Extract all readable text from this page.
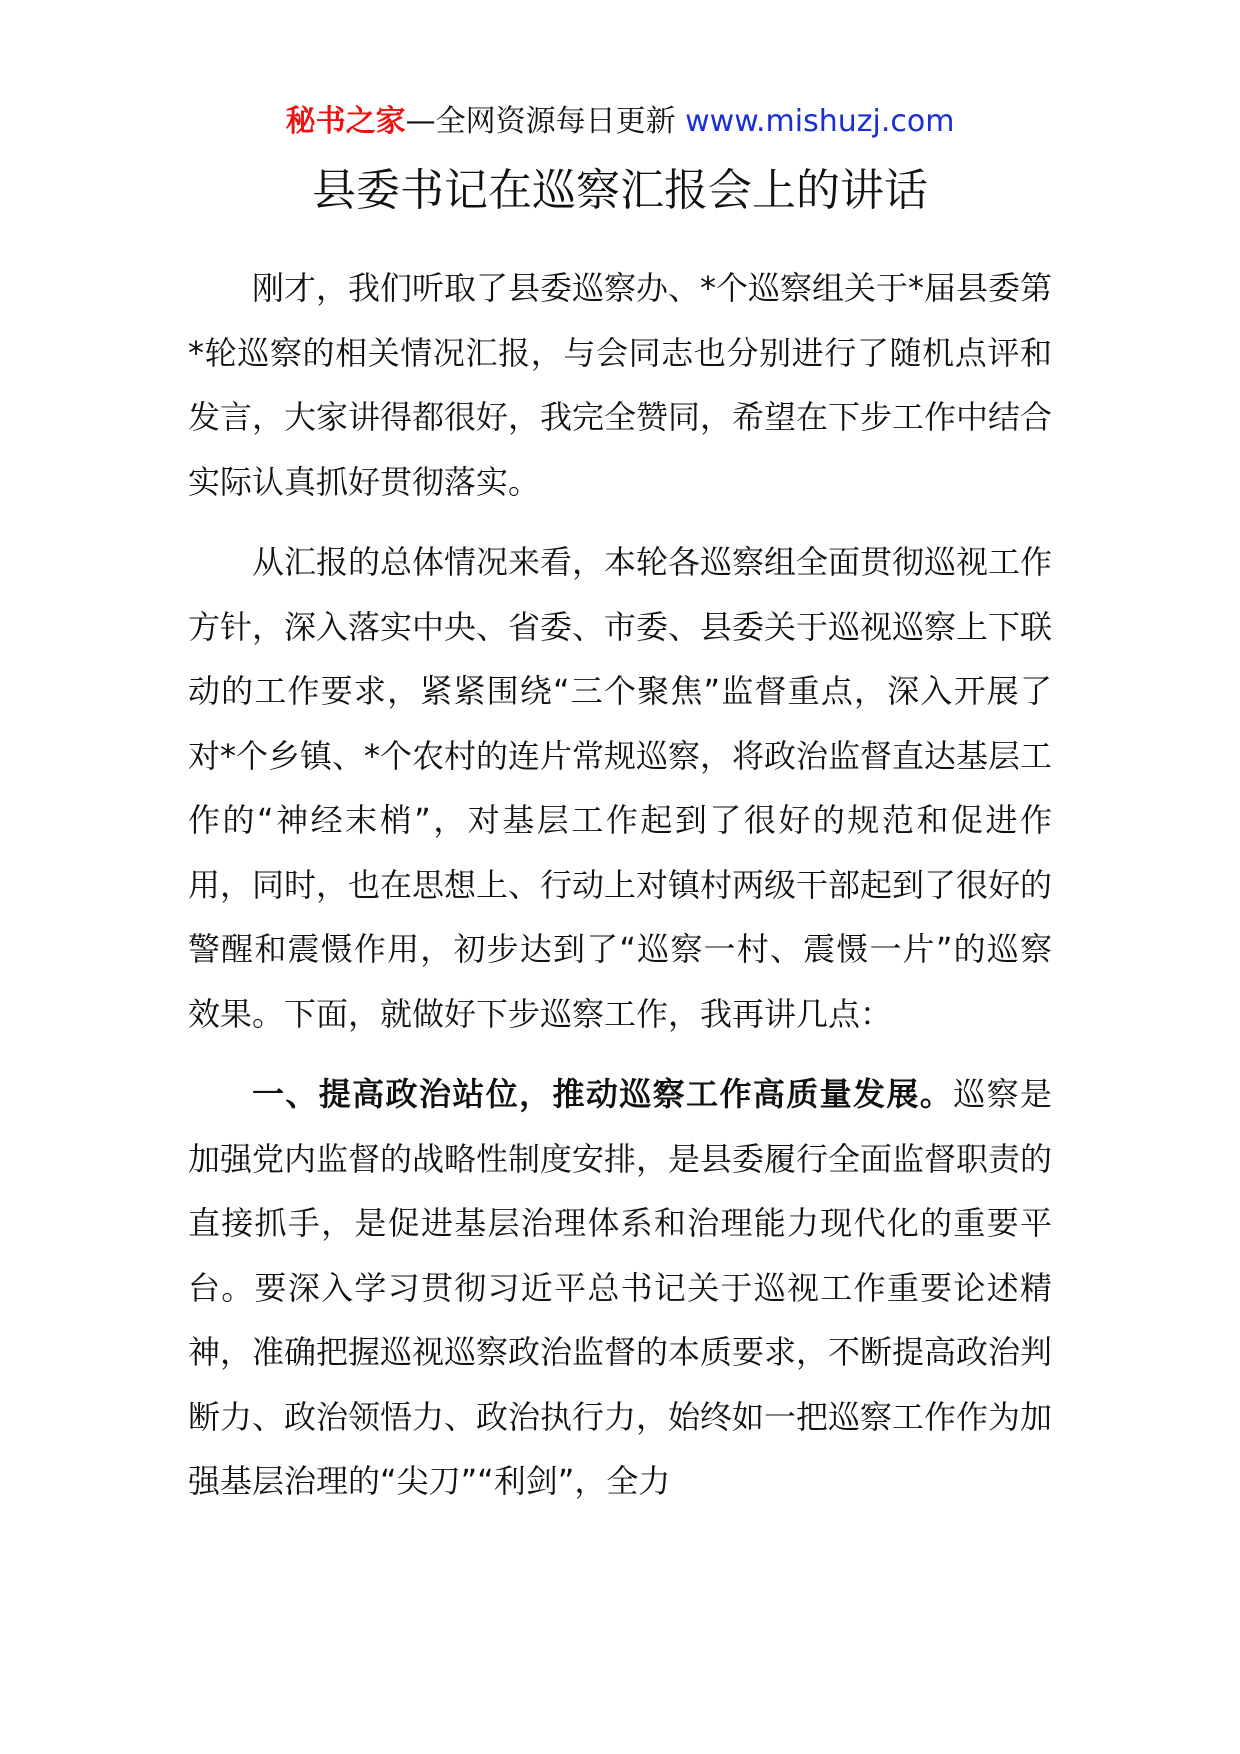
秘书之家—全网资源每日更新 www.mishuzj.com
县委书记在巡察汇报会上的讲话

刚才，我们听取了县委巡察办、*个巡察组关于*届县委第*轮巡察的相关情况汇报，与会同志也分别进行了随机点评和发言，大家讲得都很好，我完全赞同，希望在下步工作中结合实际认真抓好贯彻落实。

从汇报的总体情况来看，本轮各巡察组全面贯彻巡视工作方针，深入落实中央、省委、市委、县委关于巡视巡察上下联动的工作要求，紧紧围绕“三个聚焦”监督重点，深入开展了对*个乡镇、*个农村的连片常规巡察，将政治监督直达基层工作的“神经末梢”，对基层工作起到了很好的规范和促进作用，同时，也在思想上、行动上对镇村两级干部起到了很好的警醒和震慑作用，初步达到了“巡察一村、震慑一片”的巡察效果。下面，就做好下步巡察工作，我再讲几点：

一、提高政治站位，推动巡察工作高质量发展。巡察是加强党内监督的战略性制度安排，是县委履行全面监督职责的直接抓手，是促进基层治理体系和治理能力现代化的重要平台。要深入学习贯彻习近平总书记关于巡视工作重要论述精神，准确把握巡视巡察政治监督的本质要求，不断提高政治判断力、政治领悟力、政治执行力，始终如一把巡察工作作为加强基层治理的“尖刀”“利剑”，全力
